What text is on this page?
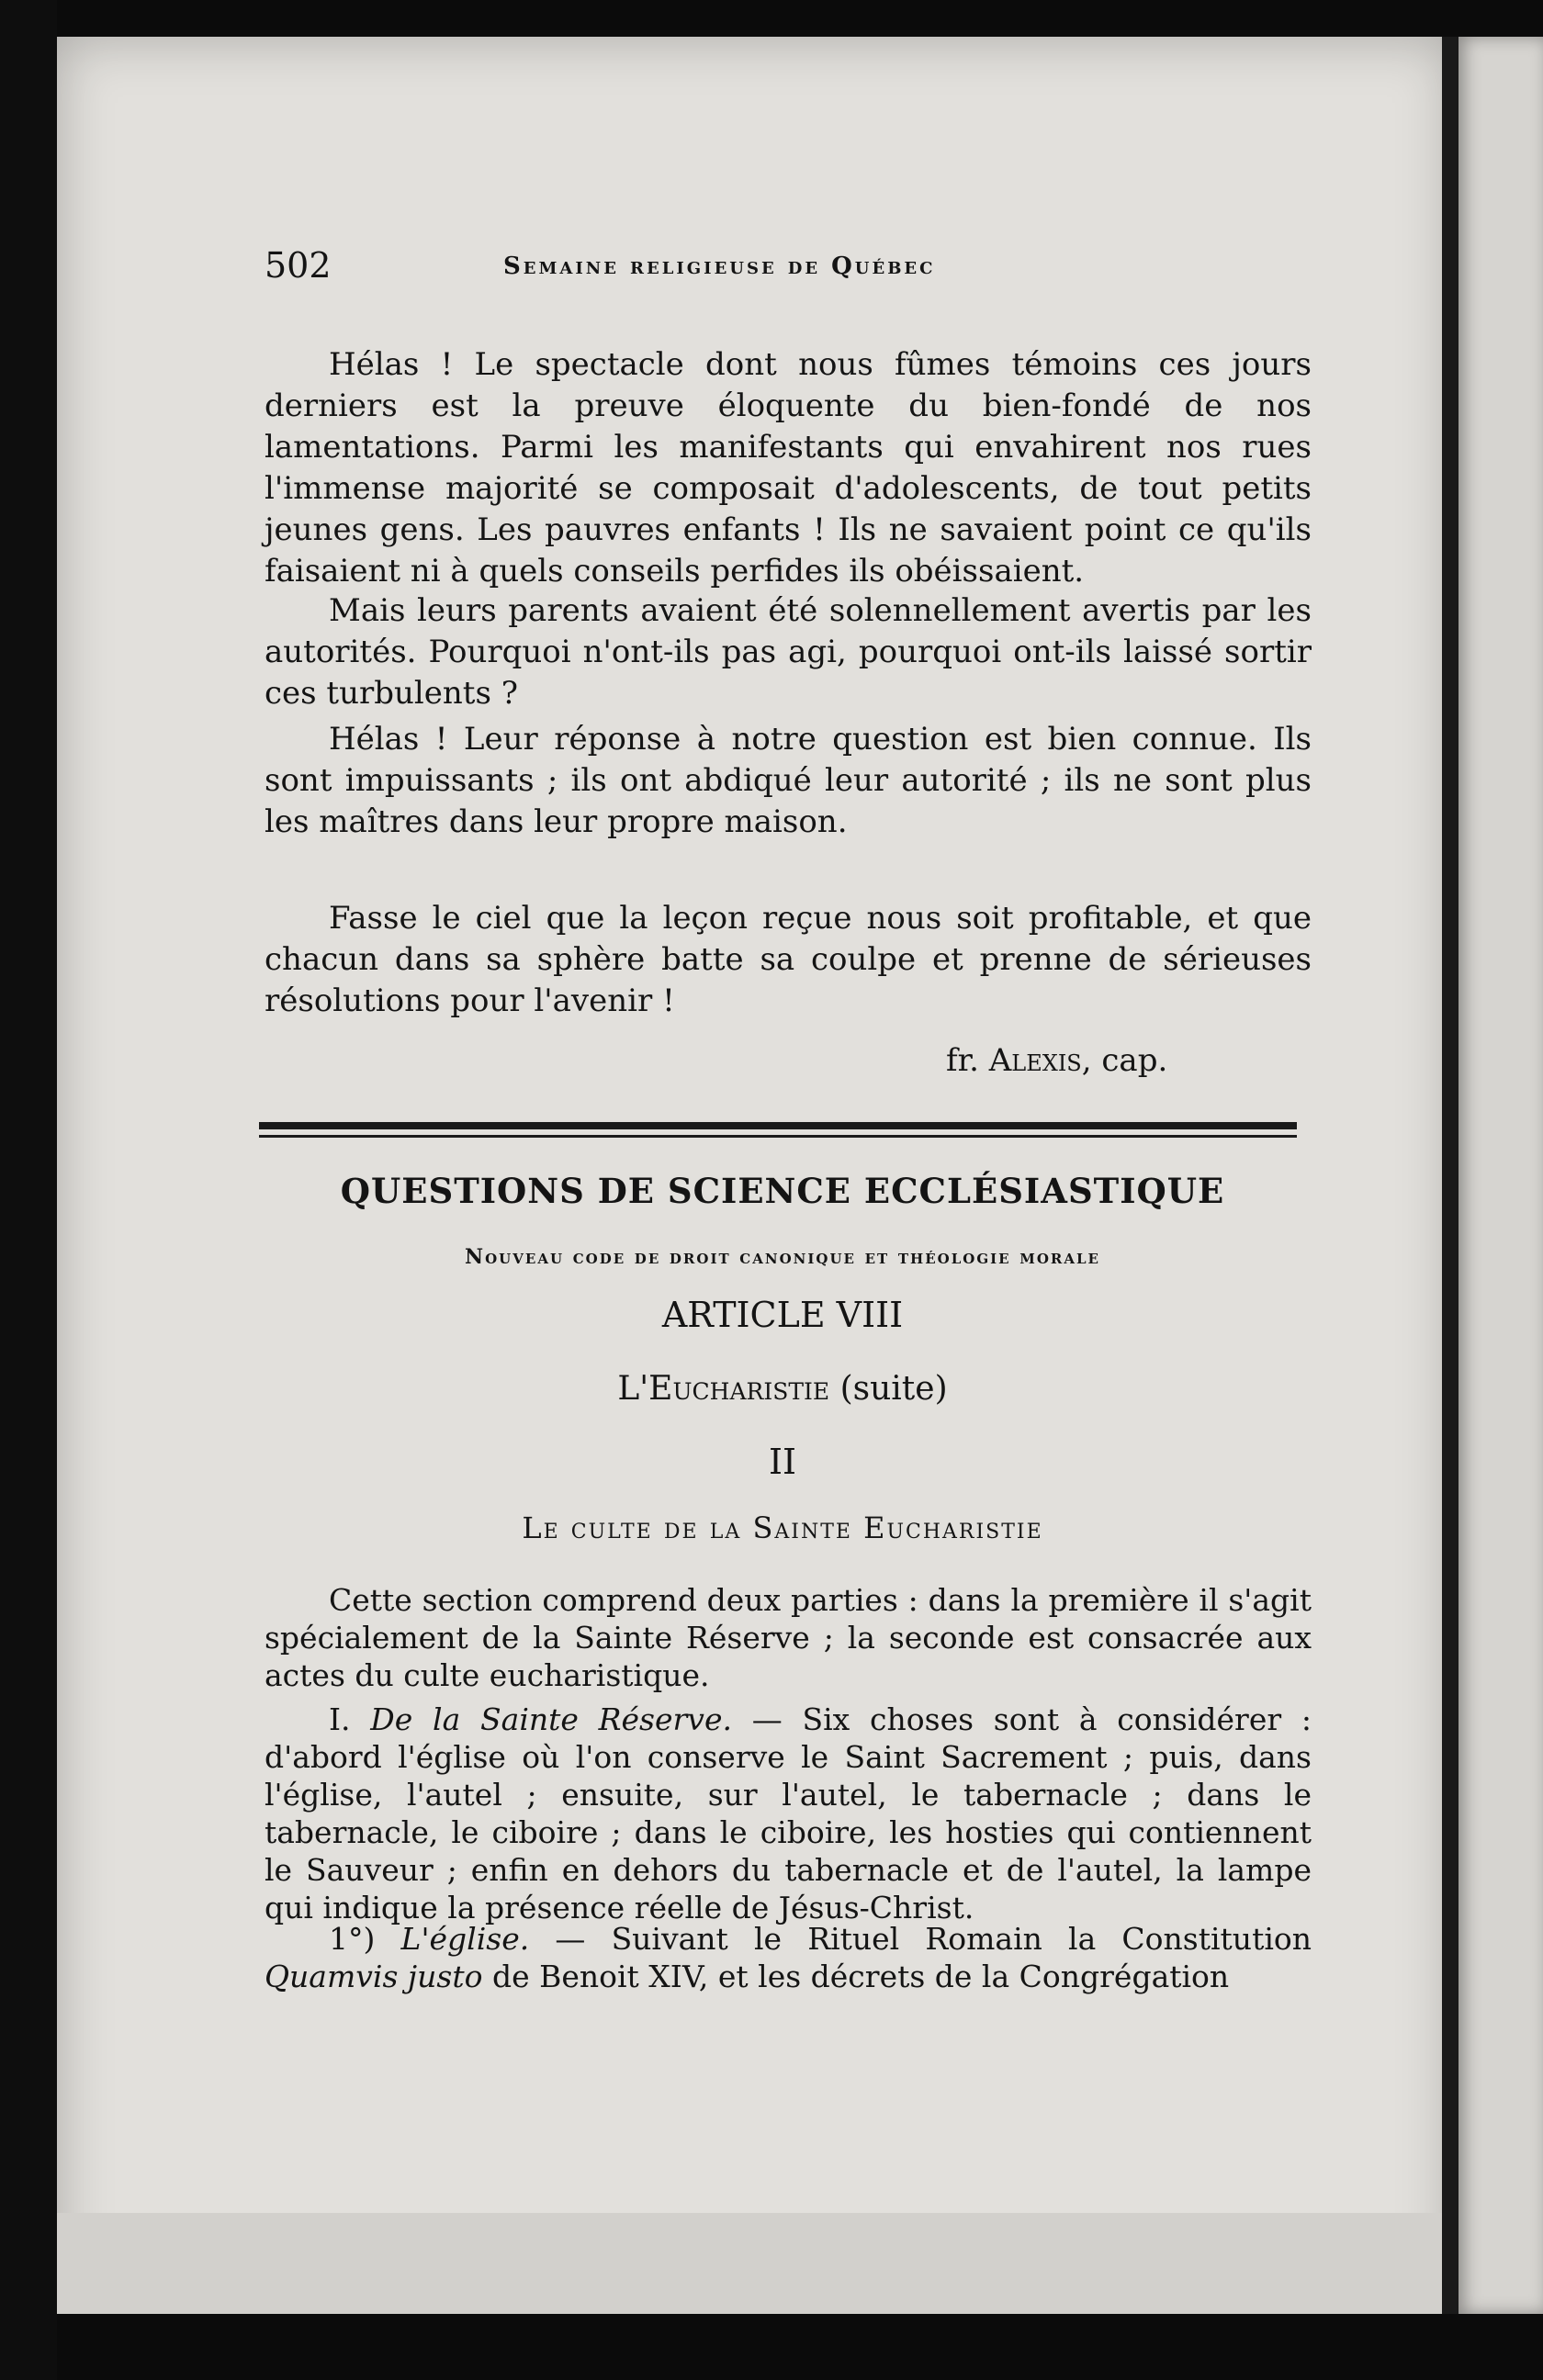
502	Semaine religieuse de Québec

Hélas ! Le spectacle dont nous fûmes témoins ces jours derniers est la preuve éloquente du bien-fondé de nos lamentations. Parmi les manifestants qui envahirent nos rues l'immense majorité se composait d'adolescents, de tout petits jeunes gens. Les pauvres enfants ! Ils ne savaient point ce qu'ils faisaient ni à quels conseils perfides ils obéissaient.

Mais leurs parents avaient été solennellement avertis par les autorités. Pourquoi n'ont-ils pas agi, pourquoi ont-ils laissé sortir ces turbulents ?

Hélas ! Leur réponse à notre question est bien connue. Ils sont impuissants ; ils ont abdiqué leur autorité ; ils ne sont plus les maîtres dans leur propre maison.

Fasse le ciel que la leçon reçue nous soit profitable, et que chacun dans sa sphère batte sa coulpe et prenne de sérieuses résolutions pour l'avenir !

fr. Alexis, cap.

QUESTIONS DE SCIENCE ECCLÉSIASTIQUE

Nouveau code de droit canonique et théologie morale

ARTICLE VIII

L'Eucharistie (suite)

II

Le culte de la Sainte Eucharistie

Cette section comprend deux parties : dans la première il s'agit spécialement de la Sainte Réserve ; la seconde est consacrée aux actes du culte eucharistique.

I. De la Sainte Réserve. — Six choses sont à considérer : d'abord l'église où l'on conserve le Saint Sacrement ; puis, dans l'église, l'autel ; ensuite, sur l'autel, le tabernacle ; dans le tabernacle, le ciboire ; dans le ciboire, les hosties qui contiennent le Sauveur ; enfin en dehors du tabernacle et de l'autel, la lampe qui indique la présence réelle de Jésus-Christ.

1°) L'église. — Suivant le Rituel Romain la Constitution Quamvis justo de Benoit XIV, et les décrets de la Congrégation
